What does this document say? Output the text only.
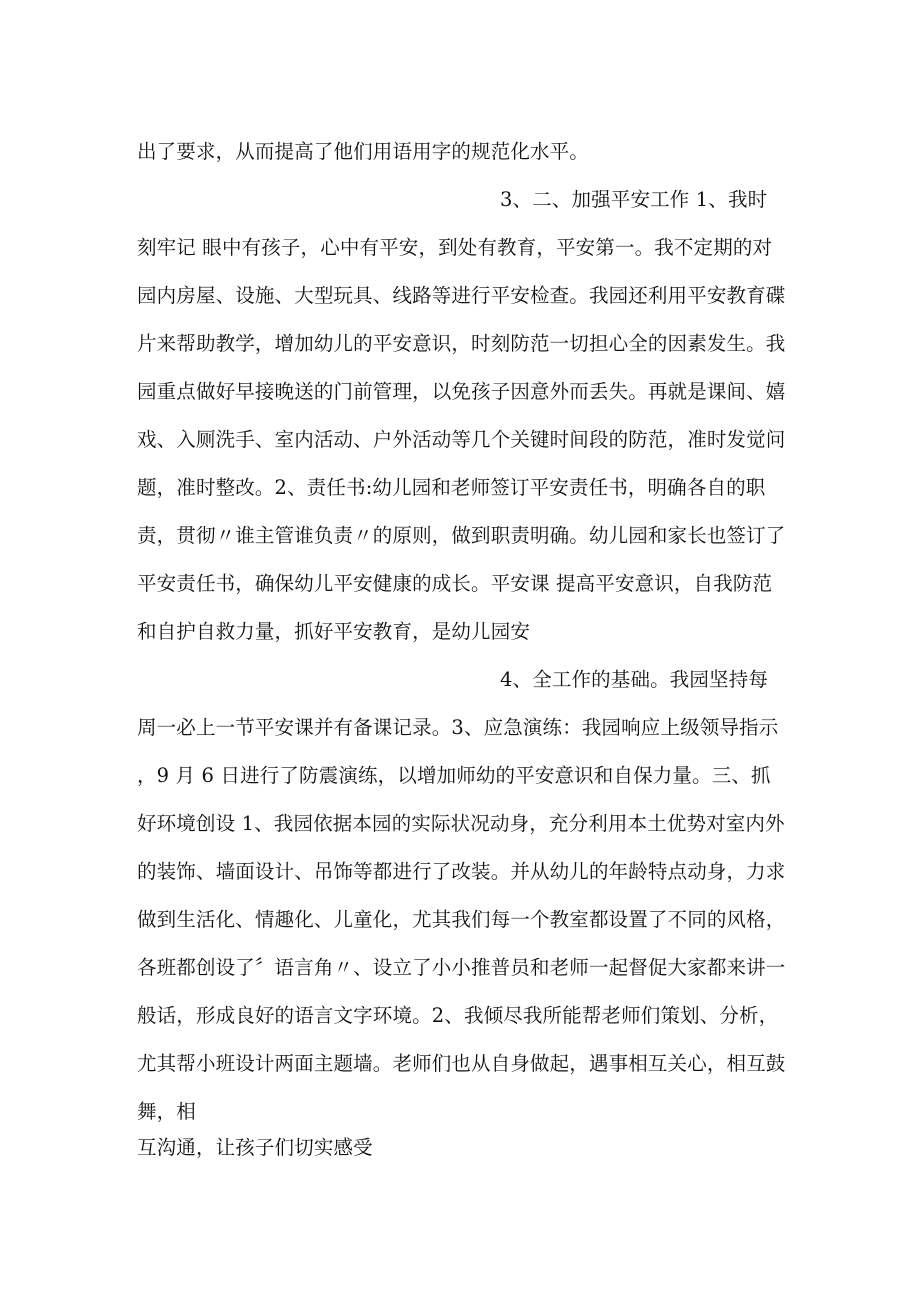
出了要求，从而提高了他们用语用字的规范化水平。
3、二、加强平安工作 1、我时
刻牢记 眼中有孩子，心中有平安，到处有教育，平安第一。我不定期的对
园内房屋、设施、大型玩具、线路等进行平安检查。我园还利用平安教育碟
片来帮助教学，增加幼儿的平安意识，时刻防范一切担心全的因素发生。我
园重点做好早接晚送的门前管理，以免孩子因意外而丢失。再就是课间、嬉
戏、入厕洗手、室内活动、户外活动等几个关键时间段的防范，准时发觉问
题，准时整改。2、责任书:幼儿园和老师签订平安责任书，明确各自的职
责，贯彻〃谁主管谁负责〃的原则，做到职责明确。幼儿园和家长也签订了
平安责任书，确保幼儿平安健康的成长。平安课 提高平安意识，自我防范
和自护自救力量，抓好平安教育，是幼儿园安
4、全工作的基础。我园坚持每
周一必上一节平安课并有备课记录。3、应急演练：我园响应上级领导指示
，9 月 6 日进行了防震演练，以增加师幼的平安意识和自保力量。三、抓
好环境创设 1、我园依据本园的实际状况动身，充分利用本土优势对室内外
的装饰、墙面设计、吊饰等都进行了改装。并从幼儿的年龄特点动身，力求
做到生活化、情趣化、儿童化，尤其我们每一个教室都设置了不同的风格，
各班都创设了〞语言角〃、设立了小小推普员和老师一起督促大家都来讲一
般话，形成良好的语言文字环境。2、我倾尽我所能帮老师们策划、分析，
尤其帮小班设计两面主题墙。老师们也从自身做起，遇事相互关心，相互鼓
舞，相
互沟通，让孩子们切实感受
